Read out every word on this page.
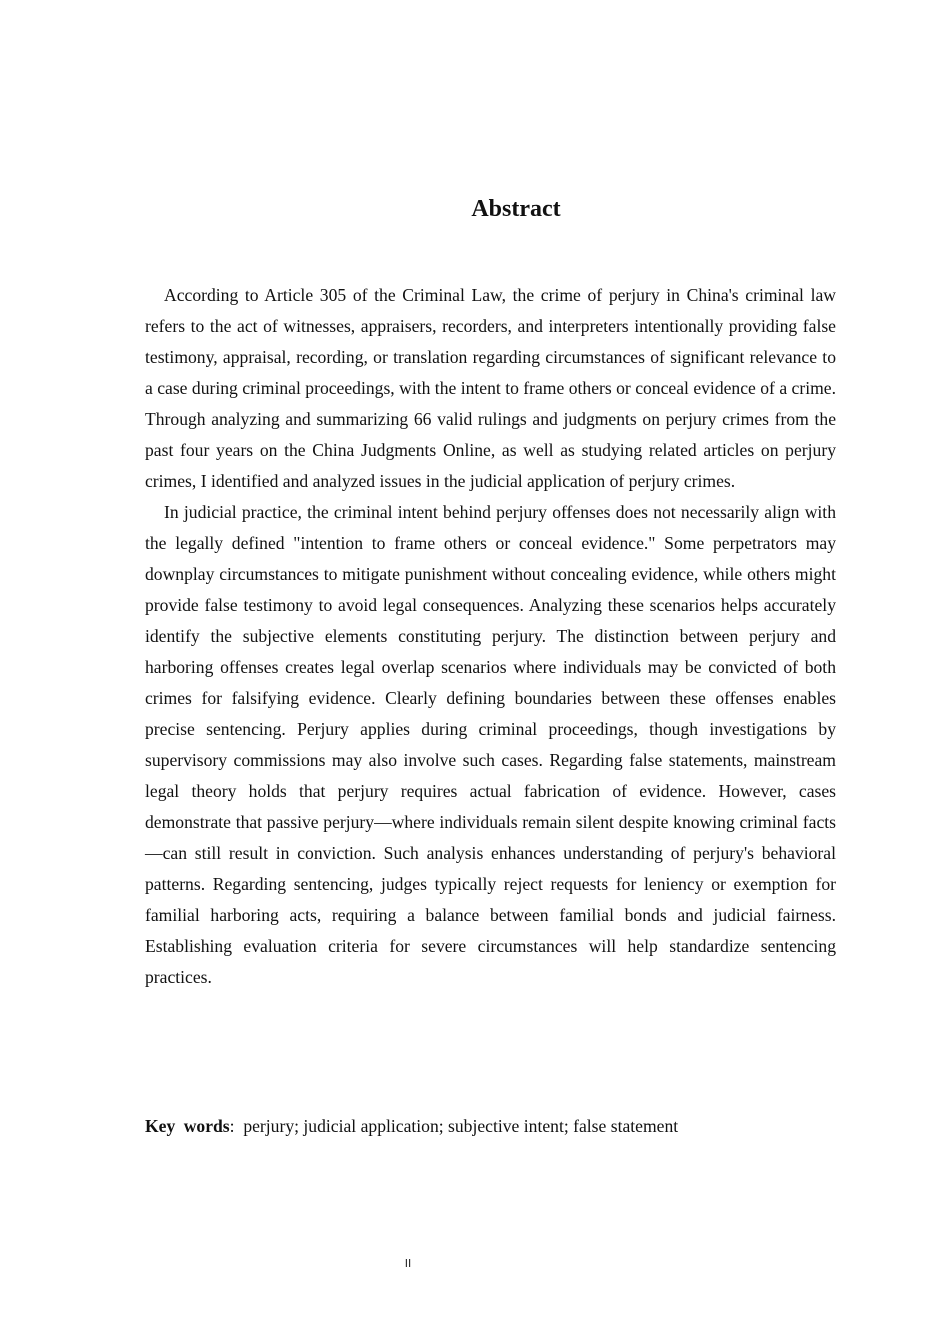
Abstract

According to Article 305 of the Criminal Law, the crime of perjury in China's criminal law refers to the act of witnesses, appraisers, recorders, and interpreters intentionally providing false testimony, appraisal, recording, or translation regarding circumstances of significant relevance to a case during criminal proceedings, with the intent to frame others or conceal evidence of a crime. Through analyzing and summarizing 66 valid rulings and judgments on perjury crimes from the past four years on the China Judgments Online, as well as studying related articles on perjury crimes, I identified and analyzed issues in the judicial application of perjury crimes.

In judicial practice, the criminal intent behind perjury offenses does not necessarily align with the legally defined "intention to frame others or conceal evidence." Some perpetrators may downplay circumstances to mitigate punishment without concealing evidence, while others might provide false testimony to avoid legal consequences. Analyzing these scenarios helps accurately identify the subjective elements constituting perjury. The distinction between perjury and harboring offenses creates legal overlap scenarios where individuals may be convicted of both crimes for falsifying evidence. Clearly defining boundaries between these offenses enables precise sentencing. Perjury applies during criminal proceedings, though investigations by supervisory commissions may also involve such cases. Regarding false statements, mainstream legal theory holds that perjury requires actual fabrication of evidence. However, cases demonstrate that passive perjury—where individuals remain silent despite knowing criminal facts—can still result in conviction. Such analysis enhances understanding of perjury's behavioral patterns. Regarding sentencing, judges typically reject requests for leniency or exemption for familial harboring acts, requiring a balance between familial bonds and judicial fairness. Establishing evaluation criteria for severe circumstances will help standardize sentencing practices.

Key words: perjury; judicial application; subjective intent; false statement
II
